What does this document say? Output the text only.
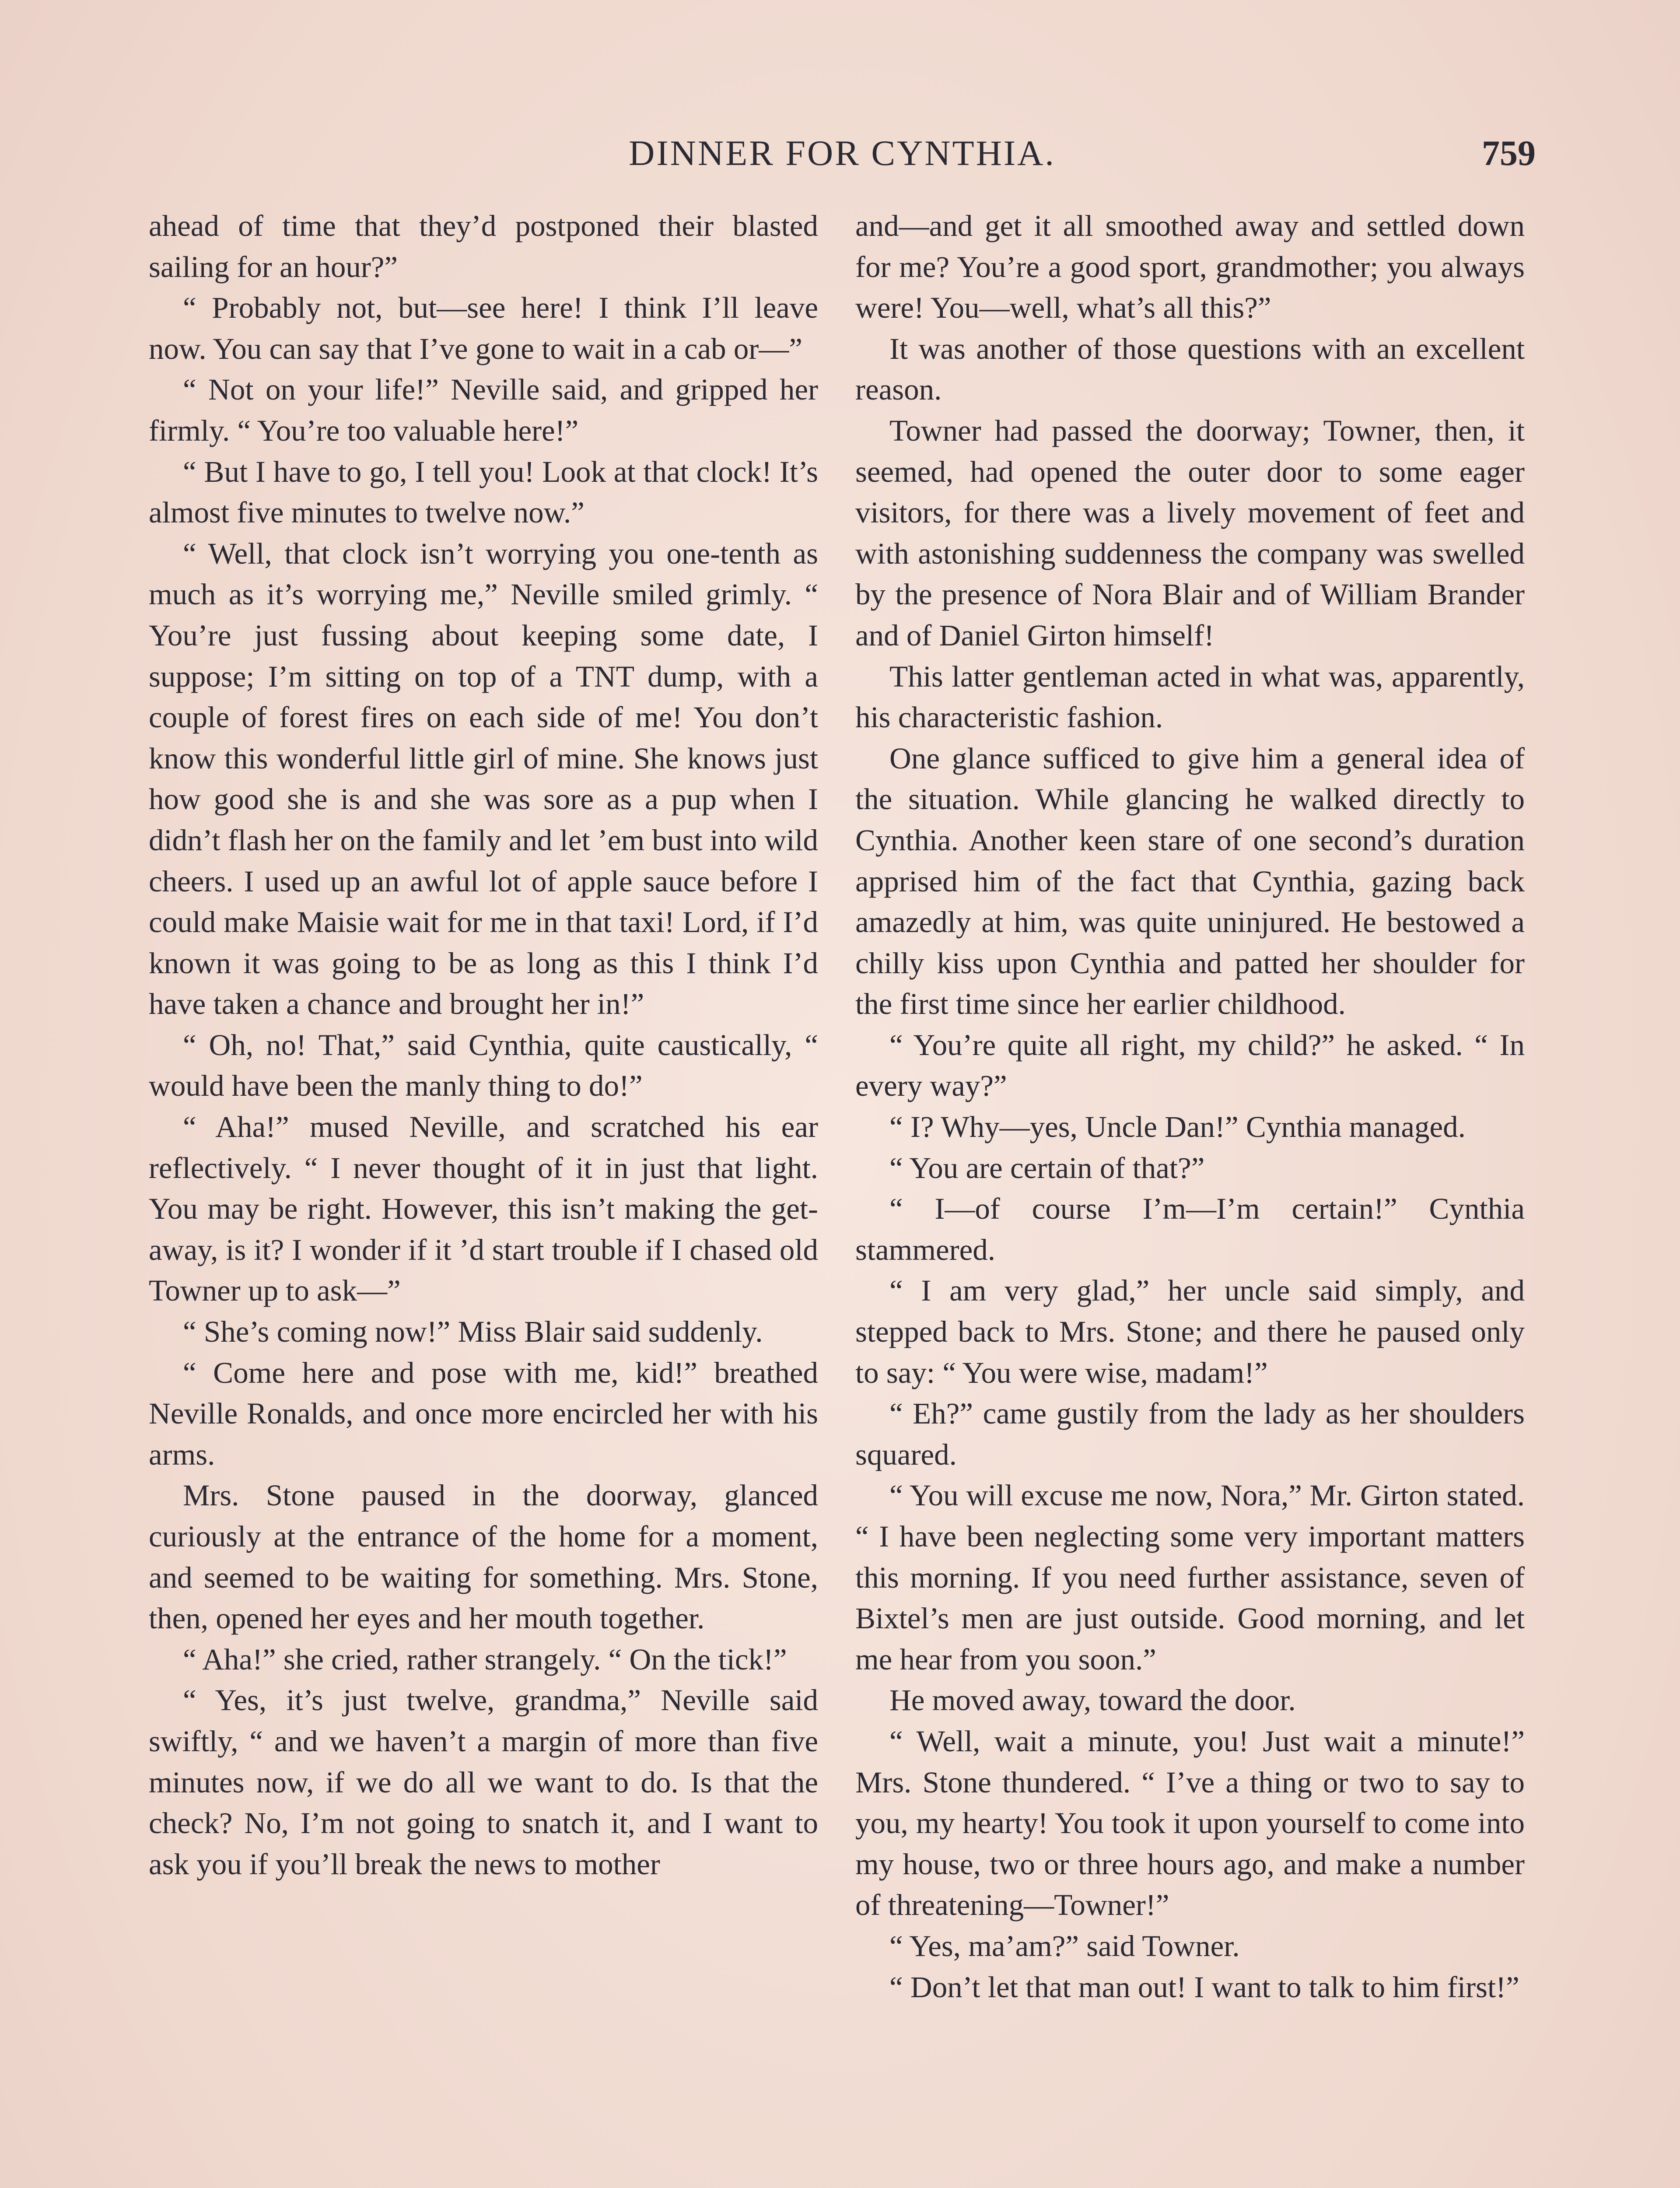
DINNER FOR CYNTHIA.	759

ahead of time that they’d postponed their blasted sailing for an hour?”

“ Probably not, but—see here! I think I’ll leave now. You can say that I’ve gone to wait in a cab or—”

“ Not on your life!” Neville said, and gripped her firmly. “ You’re too valuable here!”

“ But I have to go, I tell you! Look at that clock! It’s almost five minutes to twelve now.”

“ Well, that clock isn’t worrying you one-tenth as much as it’s worrying me,” Neville smiled grimly. “ You’re just fussing about keeping some date, I suppose; I’m sitting on top of a TNT dump, with a couple of forest fires on each side of me! You don’t know this wonderful little girl of mine. She knows just how good she is and she was sore as a pup when I didn’t flash her on the family and let ’em bust into wild cheers. I used up an awful lot of apple sauce before I could make Maisie wait for me in that taxi! Lord, if I’d known it was going to be as long as this I think I’d have taken a chance and brought her in!”

“ Oh, no! That,” said Cynthia, quite caustically, “ would have been the manly thing to do!”

“ Aha!” mused Neville, and scratched his ear reflectively. “ I never thought of it in just that light. You may be right. However, this isn’t making the get-away, is it? I wonder if it ’d start trouble if I chased old Towner up to ask—”

“ She’s coming now!” Miss Blair said suddenly.

“ Come here and pose with me, kid!” breathed Neville Ronalds, and once more encircled her with his arms.

Mrs. Stone paused in the doorway, glanced curiously at the entrance of the home for a moment, and seemed to be waiting for something. Mrs. Stone, then, opened her eyes and her mouth together.

“ Aha!” she cried, rather strangely. “ On the tick!”

“ Yes, it’s just twelve, grandma,” Neville said swiftly, “ and we haven’t a margin of more than five minutes now, if we do all we want to do. Is that the check? No, I’m not going to snatch it, and I want to ask you if you’ll break the news to mother

and—and get it all smoothed away and settled down for me? You’re a good sport, grandmother; you always were! You—well, what’s all this?”

It was another of those questions with an excellent reason.

Towner had passed the doorway; Towner, then, it seemed, had opened the outer door to some eager visitors, for there was a lively movement of feet and with astonishing suddenness the company was swelled by the presence of Nora Blair and of William Brander and of Daniel Girton himself!

This latter gentleman acted in what was, apparently, his characteristic fashion.

One glance sufficed to give him a general idea of the situation. While glancing he walked directly to Cynthia. Another keen stare of one second’s duration apprised him of the fact that Cynthia, gazing back amazedly at him, was quite uninjured. He bestowed a chilly kiss upon Cynthia and patted her shoulder for the first time since her earlier childhood.

“ You’re quite all right, my child?” he asked. “ In every way?”

“ I? Why—yes, Uncle Dan!” Cynthia managed.

“ You are certain of that?”

“ I—of course I’m—I’m certain!” Cynthia stammered.

“ I am very glad,” her uncle said simply, and stepped back to Mrs. Stone; and there he paused only to say: “ You were wise, madam!”

“ Eh?” came gustily from the lady as her shoulders squared.

“ You will excuse me now, Nora,” Mr. Girton stated. “ I have been neglecting some very important matters this morning. If you need further assistance, seven of Bixtel’s men are just outside. Good morning, and let me hear from you soon.”

He moved away, toward the door.

“ Well, wait a minute, you! Just wait a minute!” Mrs. Stone thundered. “ I’ve a thing or two to say to you, my hearty! You took it upon yourself to come into my house, two or three hours ago, and make a number of threatening—Towner!”

“ Yes, ma’am?” said Towner.

“ Don’t let that man out! I want to talk to him first!”
